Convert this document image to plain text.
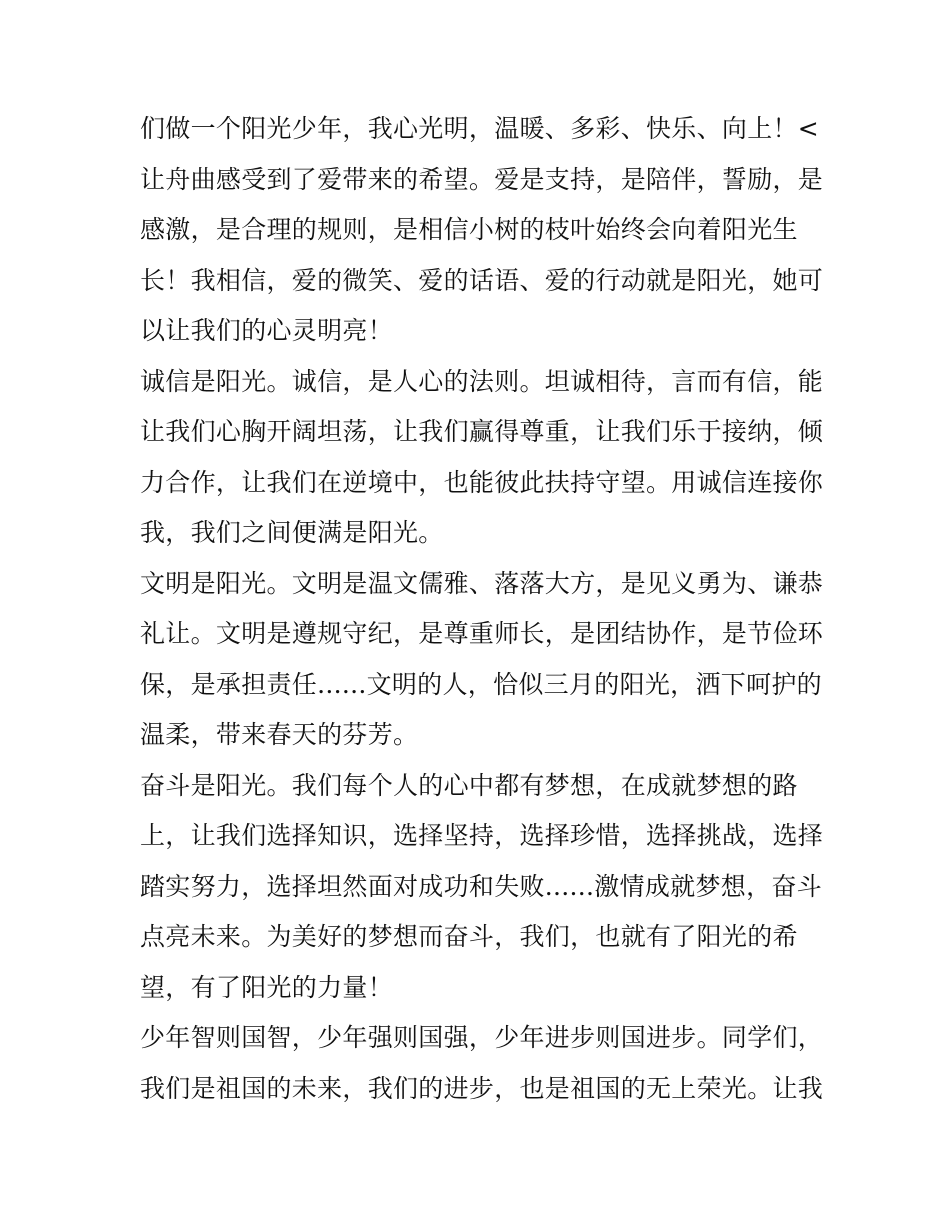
们做一个阳光少年，我心光明，温暖、多彩、快乐、向上！<
让舟曲感受到了爱带来的希望。爱是支持，是陪伴，誓励，是
感激，是合理的规则，是相信小树的枝叶始终会向着阳光生
长！我相信，爱的微笑、爱的话语、爱的行动就是阳光，她可
以让我们的心灵明亮！
诚信是阳光。诚信，是人心的法则。坦诚相待，言而有信，能
让我们心胸开阔坦荡，让我们赢得尊重，让我们乐于接纳，倾
力合作，让我们在逆境中，也能彼此扶持守望。用诚信连接你
我，我们之间便满是阳光。
文明是阳光。文明是温文儒雅、落落大方，是见义勇为、谦恭
礼让。文明是遵规守纪，是尊重师长，是团结协作，是节俭环
保，是承担责任......文明的人，恰似三月的阳光，洒下呵护的
温柔，带来春天的芬芳。
奋斗是阳光。我们每个人的心中都有梦想，在成就梦想的路
上，让我们选择知识，选择坚持，选择珍惜，选择挑战，选择
踏实努力，选择坦然面对成功和失败......激情成就梦想，奋斗
点亮未来。为美好的梦想而奋斗，我们，也就有了阳光的希
望，有了阳光的力量！
少年智则国智，少年强则国强，少年进步则国进步。同学们，
我们是祖国的未来，我们的进步，也是祖国的无上荣光。让我
